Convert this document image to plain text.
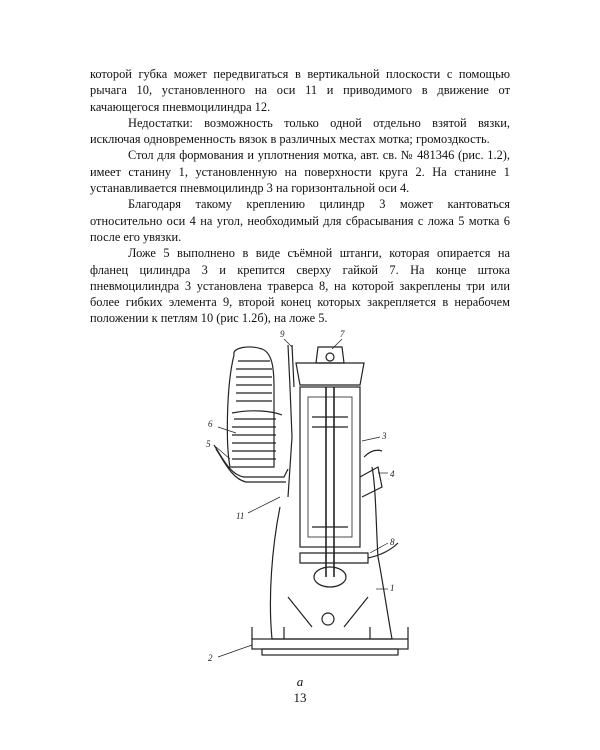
которой губка может передвигаться в вертикальной плоскости с помощью рычага 10, установленного на оси 11 и приводимого в движение от качающегося пневмоцилиндра 12.

Недостатки: возможность только одной отдельно взятой вязки, исключая одновременность вязок в различных местах мотка; громоздкость.

Стол для формования и уплотнения мотка, авт. св. № 481346 (рис. 1.2), имеет станину 1, установленную на поверхности круга 2. На станине 1 устанавливается пневмоцилиндр 3 на горизонтальной оси 4.

Благодаря такому креплению цилиндр 3 может кантоваться относительно оси 4 на угол, необходимый для сбрасывания с ложа 5 мотка 6 после его увязки.

Ложе 5 выполнено в виде съёмной штанги, которая опирается на фланец цилиндра 3 и крепится сверху гайкой 7. На конце штока пневмоцилиндра 3 установлена траверса 8, на которой закреплены три или более гибких элемента 9, второй конец которых закрепляется в нерабочем положении к петлям 10 (рис 1.2б), на ложе 5.

9	7
6
5
3
4
8
1
11
2
а
13
